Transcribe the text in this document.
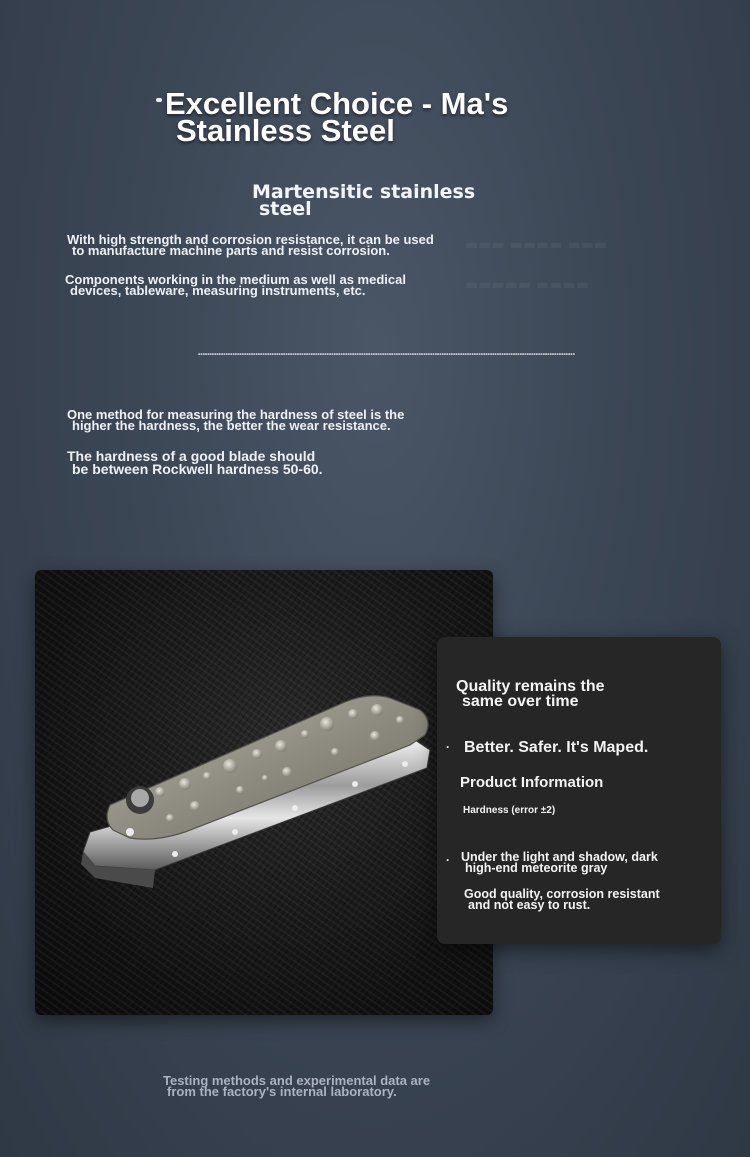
Excellent Choice - Ma's
Stainless Steel
Martensitic stainless
steel
▬▬▬ ▬▬▬▬ ▬▬▬
▬▬▬▬▬ ▬▬▬▬

With high strength and corrosion resistance, it can be used
to manufacture machine parts and resist corrosion.

Components working in the medium as well as medical
devices, tableware, measuring instruments, etc.

▪▪▪▪▪▪▪▪▪▪▪▪▪▪▪▪▪▪▪▪▪▪▪▪▪▪▪▪▪▪▪▪▪▪▪▪▪▪▪▪▪▪▪▪▪▪▪▪▪▪▪▪▪▪▪▪▪▪▪▪▪▪▪▪▪▪▪▪▪▪▪▪▪▪▪▪▪▪▪▪▪▪▪▪▪▪▪▪▪▪▪▪▪▪▪▪▪▪▪▪▪▪▪▪▪▪▪▪▪▪▪▪▪▪▪▪▪▪▪▪▪▪▪▪▪▪▪▪▪▪▪▪▪▪▪▪▪▪▪▪▪▪▪▪▪▪▪▪▪▪▪▪▪▪▪▪▪▪▪▪▪▪▪▪

One method for measuring the hardness of steel is the
higher the hardness, the better the wear resistance.

The hardness of a good blade should
be between Rockwell hardness 50-60.

Quality remains the
same over time
· Better. Safer. It's Maped.
Product Information
Hardness (error ±2)
· Under the light and shadow, dark
high-end meteorite gray
Good quality, corrosion resistant
and not easy to rust.

Testing methods and experimental data are
from the factory's internal laboratory.
